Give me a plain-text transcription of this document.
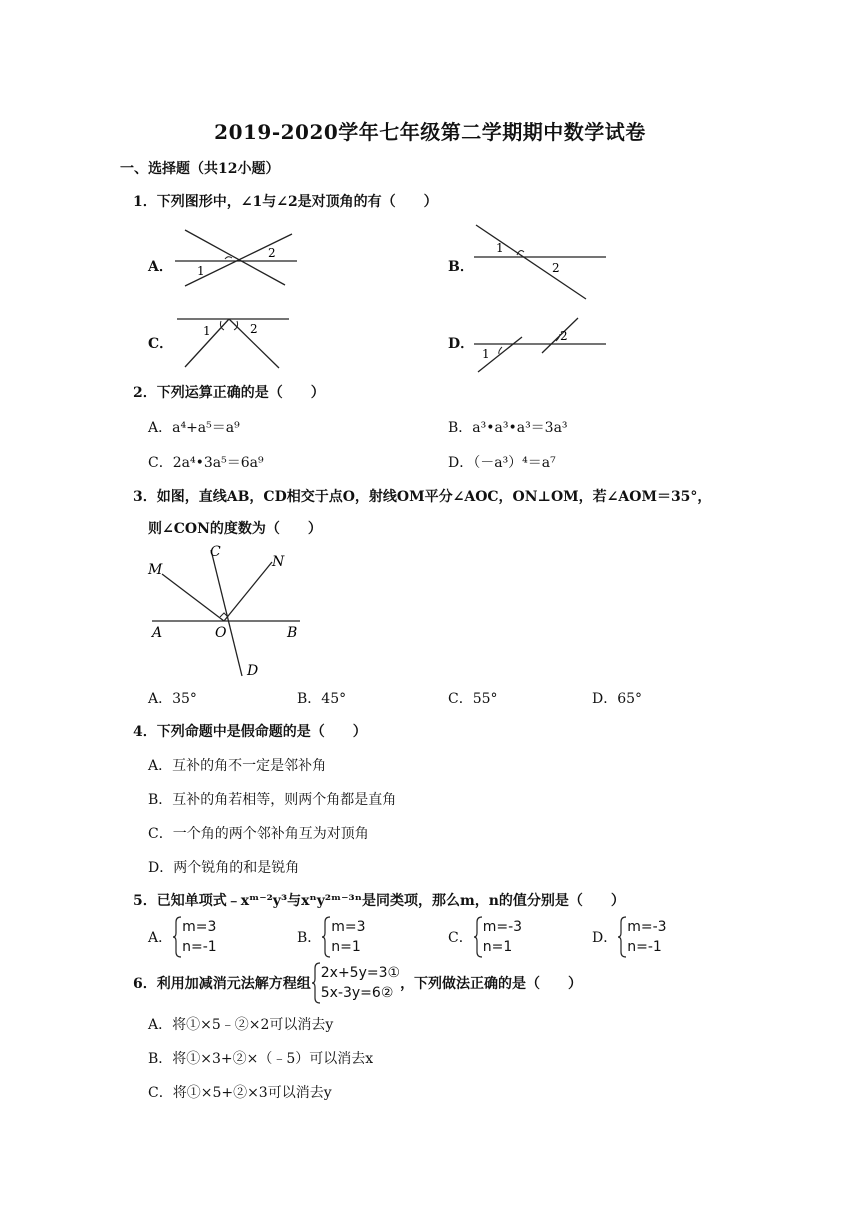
2019-2020学年七年级第二学期期中数学试卷
一、选择题（共12小题）
1．下列图形中，∠1与∠2是对顶角的有（　　）
A． 1
2
B．
1
2
C．
1	2
D．
1
2
2．下列运算正确的是（　　）
A．a⁴+a⁵＝a⁹	B．a³•a³•a³＝3a³
C．2a⁴•3a⁵＝6a⁹	D．（－a³）⁴＝a⁷
3．如图，直线AB，CD相交于点O，射线OM平分∠AOC，ON⊥OM，若∠AOM＝35°，
则∠CON的度数为（　　）
M
C
N
A	O	B
D
A．35°	B．45°	C．55°	D．65°
4．下列命题中是假命题的是（　　）
A．互补的角不一定是邻补角
B．互补的角若相等，则两个角都是直角
C．一个角的两个邻补角互为对顶角
D．两个锐角的和是锐角
5．已知单项式﹣xᵐ⁻²y³与xⁿy²ᵐ⁻³ⁿ是同类项，那么m，n的值分别是（　　）
A．m=3
n=-1
B．m=3
n=1
C．m=-3
n=1
D．m=-3
n=-1
6．利用加减消元法解方程组2x+5y=3①
5x-3y=6②，下列做法正确的是（　　）
A．将①×5﹣②×2可以消去y
B．将①×3+②×（﹣5）可以消去x
C．将①×5+②×3可以消去y
